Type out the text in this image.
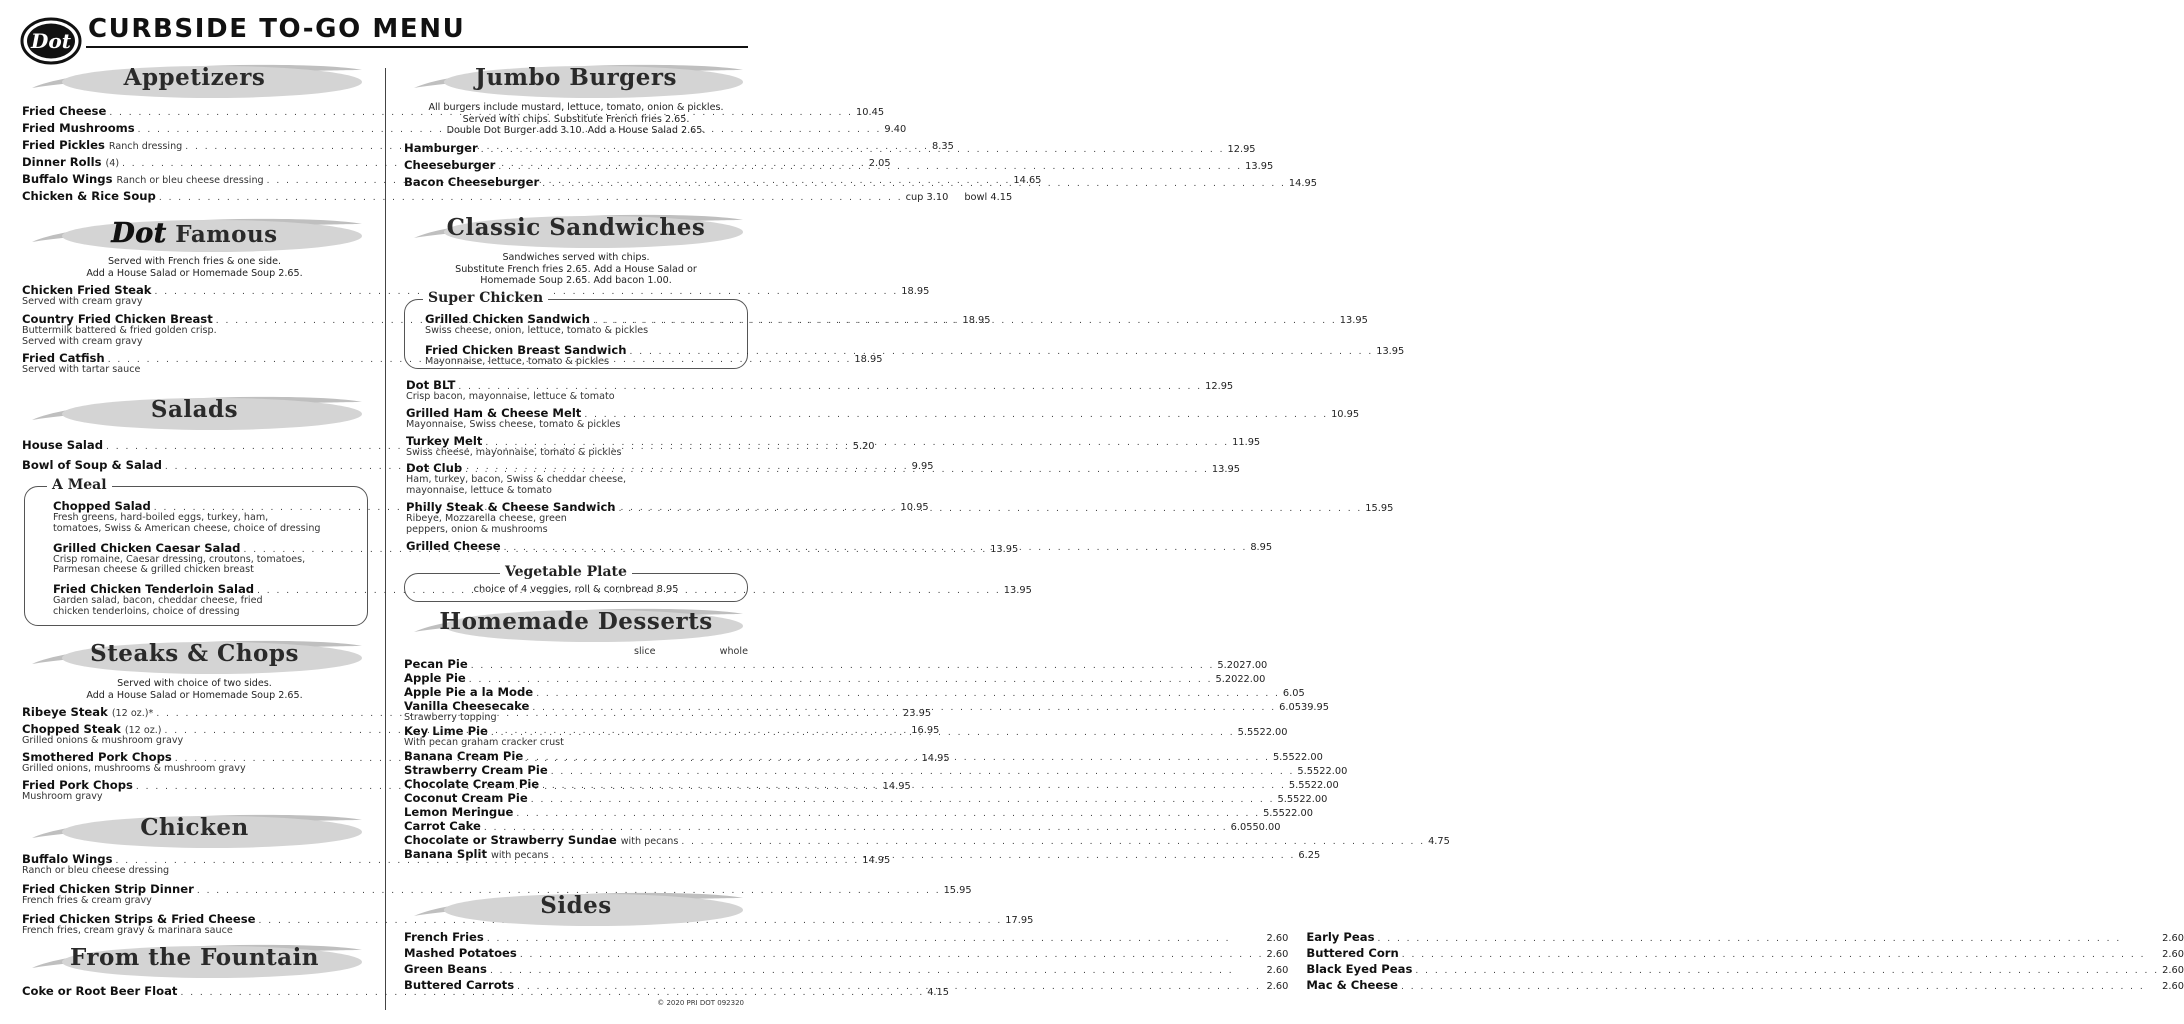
Dot CURBSIDE TO-GO MENU
Appetizers
Fried Cheese . . .	10.45
Fried Mushrooms . . .	9.40
Fried Pickles Ranch dressing . . .	8.35
Dinner Rolls (4) . . .	2.05
Buffalo Wings Ranch or bleu cheese dressing . . .	14.65
Chicken & Rice Soup . . .	cup 3.10 bowl 4.15
Dot Famous
Served with French fries & one side.
Add a House Salad or Homemade Soup 2.65.
Chicken Fried Steak . . .	18.95
Served with cream gravy
Country Fried Chicken Breast . . .	18.95
Buttermilk battered & fried golden crisp.
Served with cream gravy
Fried Catfish . . .	18.95
Served with tartar sauce
Salads
House Salad . . .	5.20
Bowl of Soup & Salad . . .	9.95
A Meal
Chopped Salad . . .	10.95
Fresh greens, hard-boiled eggs, turkey, ham,
tomatoes, Swiss & American cheese, choice of dressing
Grilled Chicken Caesar Salad . . .	13.95
Crisp romaine, Caesar dressing, croutons, tomatoes,
Parmesan cheese & grilled chicken breast
Fried Chicken Tenderloin Salad . . .	13.95
Garden salad, bacon, cheddar cheese, fried
chicken tenderloins, choice of dressing
Steaks & Chops
Served with choice of two sides.
Add a House Salad or Homemade Soup 2.65.
Ribeye Steak (12 oz.)* . . .	23.95
Chopped Steak (12 oz.) . . .	16.95
Grilled onions & mushroom gravy
Smothered Pork Chops . . .	14.95
Grilled onions, mushrooms & mushroom gravy
Fried Pork Chops . . .	14.95
Mushroom gravy
Chicken
Buffalo Wings . . .	14.95
Ranch or bleu cheese dressing
Fried Chicken Strip Dinner . . .	15.95
French fries & cream gravy
Fried Chicken Strips & Fried Cheese . . .	17.95
French fries, cream gravy & marinara sauce
From the Fountain
Coke or Root Beer Float . . .	4.15
Jumbo Burgers
All burgers include mustard, lettuce, tomato, onion & pickles.
Served with chips. Substitute French fries 2.65.
Double Dot Burger add 3.10. Add a House Salad 2.65.
Hamburger . . .	12.95
Cheeseburger . . .	13.95
Bacon Cheeseburger . . .	14.95
Classic Sandwiches
Sandwiches served with chips.
Substitute French fries 2.65. Add a House Salad or
Homemade Soup 2.65. Add bacon 1.00.
Super Chicken
Grilled Chicken Sandwich . . .	13.95
Swiss cheese, onion, lettuce, tomato & pickles
Fried Chicken Breast Sandwich . . .	13.95
Mayonnaise, lettuce, tomato & pickles
Dot BLT . . .	12.95
Crisp bacon, mayonnaise, lettuce & tomato
Grilled Ham & Cheese Melt . . .	10.95
Mayonnaise, Swiss cheese, tomato & pickles
Turkey Melt . . .	11.95
Swiss cheese, mayonnaise, tomato & pickles
Dot Club . . .	13.95
Ham, turkey, bacon, Swiss & cheddar cheese,
mayonnaise, lettuce & tomato
Philly Steak & Cheese Sandwich . . .	15.95
Ribeye, Mozzarella cheese, green
peppers, onion & mushrooms
Grilled Cheese . . .	8.95
Vegetable Plate
choice of 4 veggies, roll & cornbread 8.95
Homemade Desserts
slice	whole
Pecan Pie . . .	5.20 27.00
Apple Pie . . .	5.20 22.00
Apple Pie a la Mode . . .	6.05
Vanilla Cheesecake . . .	6.05 39.95
Strawberry topping
Key Lime Pie . . .	5.55 22.00
With pecan graham cracker crust
Banana Cream Pie . . .	5.55 22.00
Strawberry Cream Pie . . .	5.55 22.00
Chocolate Cream Pie . . .	5.55 22.00
Coconut Cream Pie . . .	5.55 22.00
Lemon Meringue . . .	5.55 22.00
Carrot Cake . . .	6.05 50.00
Chocolate or Strawberry Sundae with pecans . . .	4.75
Banana Split with pecans . . .	6.25
Sides
French Fries . . .	2.60 Early Peas . . .	2.60
Mashed Potatoes . . .	2.60 Buttered Corn . . .	2.60
Green Beans . . .	2.60 Black Eyed Peas . . .	2.60
Buttered Carrots . . .	2.60 Mac & Cheese . . .	2.60
© 2020 PRI DOT 092320
